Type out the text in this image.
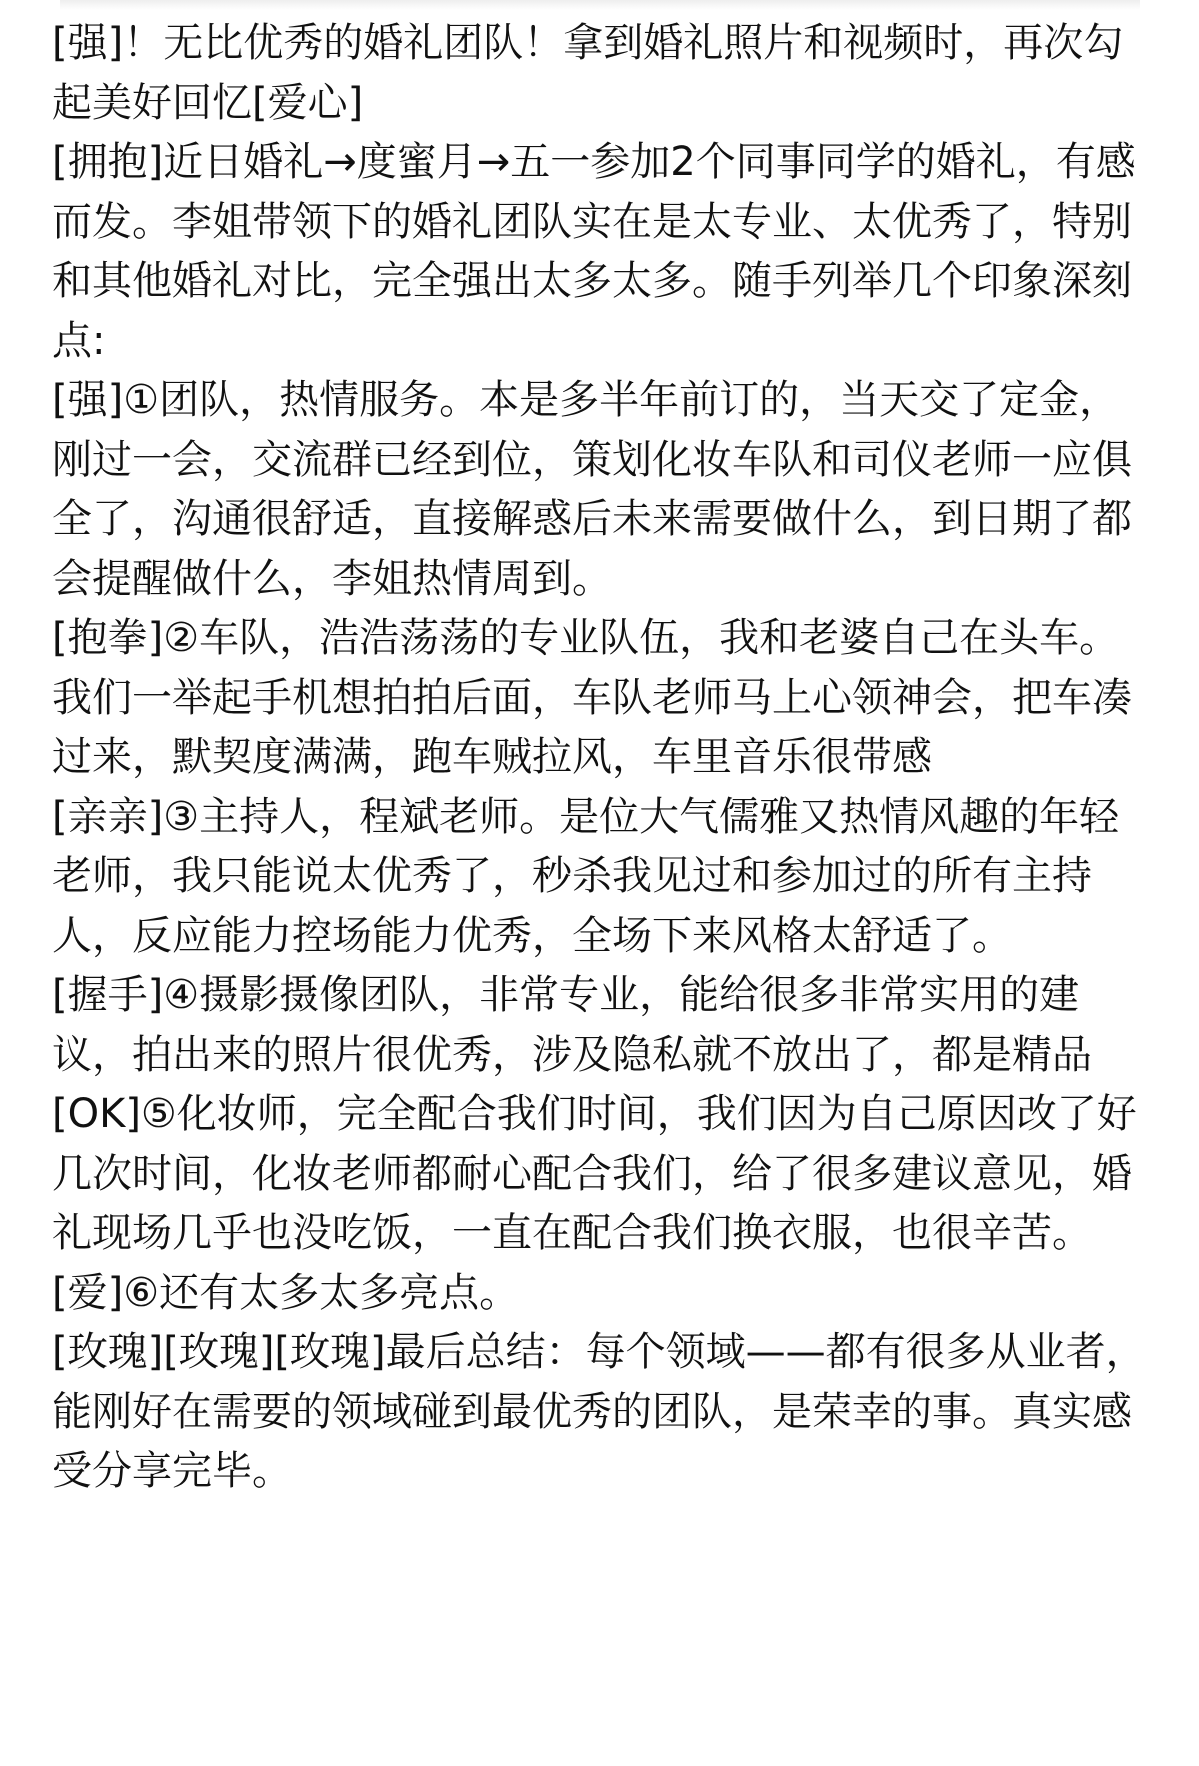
[强]！无比优秀的婚礼团队！拿到婚礼照片和视频时，再次勾起美好回忆[爱心]

[拥抱]近日婚礼→度蜜月→五一参加2个同事同学的婚礼，有感而发。李姐带领下的婚礼团队实在是太专业、太优秀了，特别和其他婚礼对比，完全强出太多太多。随手列举几个印象深刻点:

[强]①团队，热情服务。本是多半年前订的，当天交了定金，刚过一会，交流群已经到位，策划化妆车队和司仪老师一应俱全了，沟通很舒适，直接解惑后未来需要做什么，到日期了都会提醒做什么，李姐热情周到。

[抱拳]②车队，浩浩荡荡的专业队伍，我和老婆自己在头车。我们一举起手机想拍拍后面，车队老师马上心领神会，把车凑过来，默契度满满，跑车贼拉风，车里音乐很带感

[亲亲]③主持人，程斌老师。是位大气儒雅又热情风趣的年轻老师，我只能说太优秀了，秒杀我见过和参加过的所有主持人，反应能力控场能力优秀，全场下来风格太舒适了。

[握手]④摄影摄像团队，非常专业，能给很多非常实用的建议，拍出来的照片很优秀，涉及隐私就不放出了，都是精品

[OK]⑤化妆师，完全配合我们时间，我们因为自己原因改了好几次时间，化妆老师都耐心配合我们，给了很多建议意见，婚礼现场几乎也没吃饭，一直在配合我们换衣服，也很辛苦。

[爱]⑥还有太多太多亮点。

[玫瑰][玫瑰][玫瑰]最后总结：每个领域——都有很多从业者，能刚好在需要的领域碰到最优秀的团队，是荣幸的事。真实感受分享完毕。
